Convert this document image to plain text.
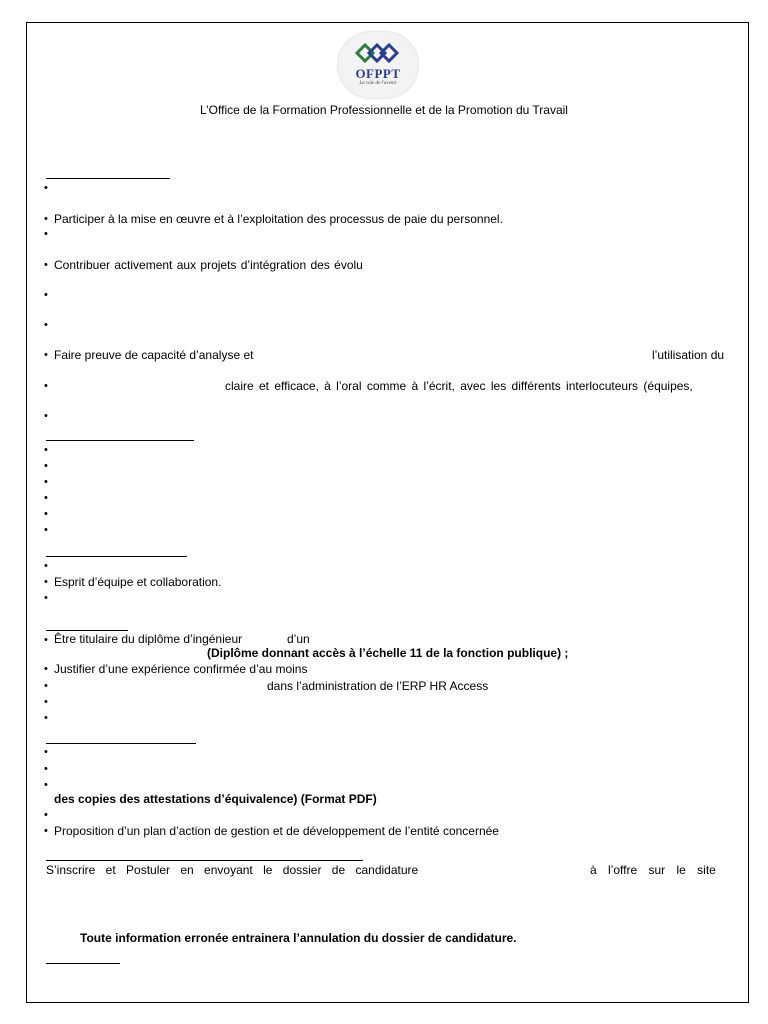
OFPPT
La voie de l'avenir
L’Office de la Formation Professionnelle et de la Promotion du Travail
•
• Participer à la mise en œuvre et à l’exploitation des processus de paie du personnel.
•
• Contribuer activement aux projets d’intégration des évolu
•
•
• Faire preuve de capacité d’analyse et	l’utilisation du
•	claire et efficace, à l’oral comme à l’écrit, avec les différents interlocuteurs (équipes,
•
•
•
•
•
•
•
•
• Esprit d’équipe et collaboration.
•
• Être titulaire du diplôme d’ingénieur	d’un
(Diplôme donnant accès à l’échelle 11 de la fonction publique) ;
• Justifier d’une expérience confirmée d’au moins
•	dans l’administration de l’ERP HR Access
•
•
•
•
•
des copies des attestations d’équivalence) (Format PDF)
•
• Proposition d’un plan d’action de gestion et de développement de l’entité concernée
S’inscrire et Postuler en envoyant le dossier de candidature	à l’offre sur le site
Toute information erronée entrainera l’annulation du dossier de candidature.
